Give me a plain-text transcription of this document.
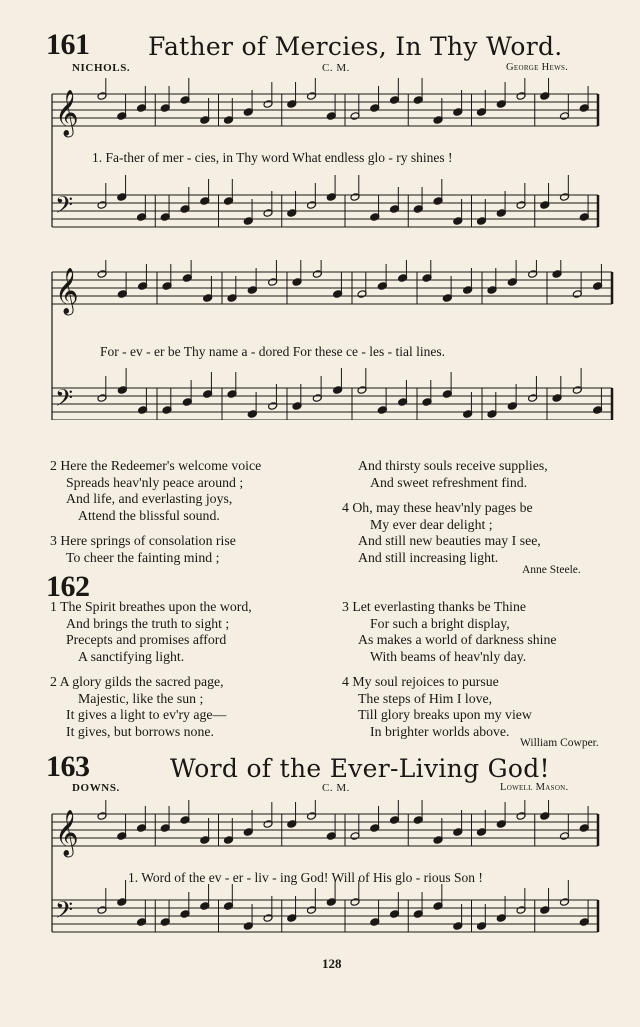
161 Father of Mercies, In Thy Word.
NICHOLS.	C. M.	George Hews.
𝄞
𝄢
1. Fa-ther of mer - cies, in Thy word What endless glo - ry shines !
𝄞
𝄢
For - ev - er be Thy name a - dored For these ce - les - tial lines.
2 Here the Redeemer's welcome voice
Spreads heav'nly peace around ;
And life, and everlasting joys,
Attend the blissful sound.
3 Here springs of consolation rise
To cheer the fainting mind ;
And thirsty souls receive supplies,
And sweet refreshment find.
4 Oh, may these heav'nly pages be
My ever dear delight ;
And still new beauties may I see,
And still increasing light.
Anne Steele.
162
1 The Spirit breathes upon the word,
And brings the truth to sight ;
Precepts and promises afford
A sanctifying light.
2 A glory gilds the sacred page,
Majestic, like the sun ;
It gives a light to ev'ry age—
It gives, but borrows none.
3 Let everlasting thanks be Thine
For such a bright display,
As makes a world of darkness shine
With beams of heav'nly day.
4 My soul rejoices to pursue
The steps of Him I love,
Till glory breaks upon my view
In brighter worlds above.
William Cowper.
163	Word of the Ever-Living God!
DOWNS.	C. M.	Lowell Mason.
𝄞
𝄢
1. Word of the ev - er - liv - ing God! Will of His glo - rious Son !
128
